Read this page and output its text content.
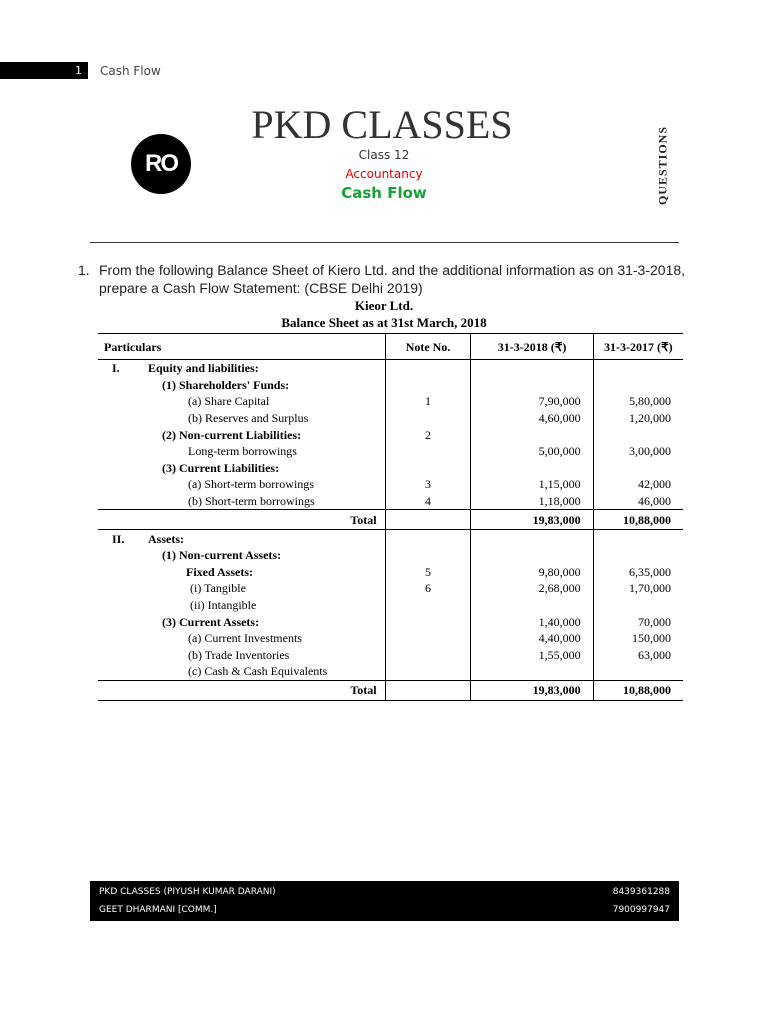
1 Cash Flow
RO
PKD CLASSES
Class 12
Accountancy
Cash Flow	QUESTIONS
1. From the following Balance Sheet of Kiero Ltd. and the additional information as on 31-3-2018, prepare a Cash Flow Statement: (CBSE Delhi 2019)
Kieor Ltd.
Balance Sheet as at 31st March, 2018
Particulars	Note No.	31-3-2018 (₹)	31-3-2017 (₹)
I. Equity and liabilities:			
(1) Shareholders' Funds:			
(a) Share Capital	1	7,90,000	5,80,000
(b) Reserves and Surplus		4,60,000	1,20,000
(2) Non-current Liabilities:	2		
Long-term borrowings		5,00,000	3,00,000
(3) Current Liabilities:			
(a) Short-term borrowings	3	1,15,000	42,000
(b) Short-term borrowings	4	1,18,000	46,000
Total		19,83,000	10,88,000
II. Assets:			
(1) Non-current Assets:			
Fixed Assets:	5	9,80,000	6,35,000
(i) Tangible	6	2,68,000	1,70,000
(ii) Intangible			
(3) Current Assets:		1,40,000	70,000
(a) Current Investments		4,40,000	150,000
(b) Trade Inventories		1,55,000	63,000
(c) Cash & Cash Equivalents			
Total		19,83,000	10,88,000
PKD CLASSES (PIYUSH KUMAR DARANI)
GEET DHARMANI [COMM.]
8439361288
7900997947
